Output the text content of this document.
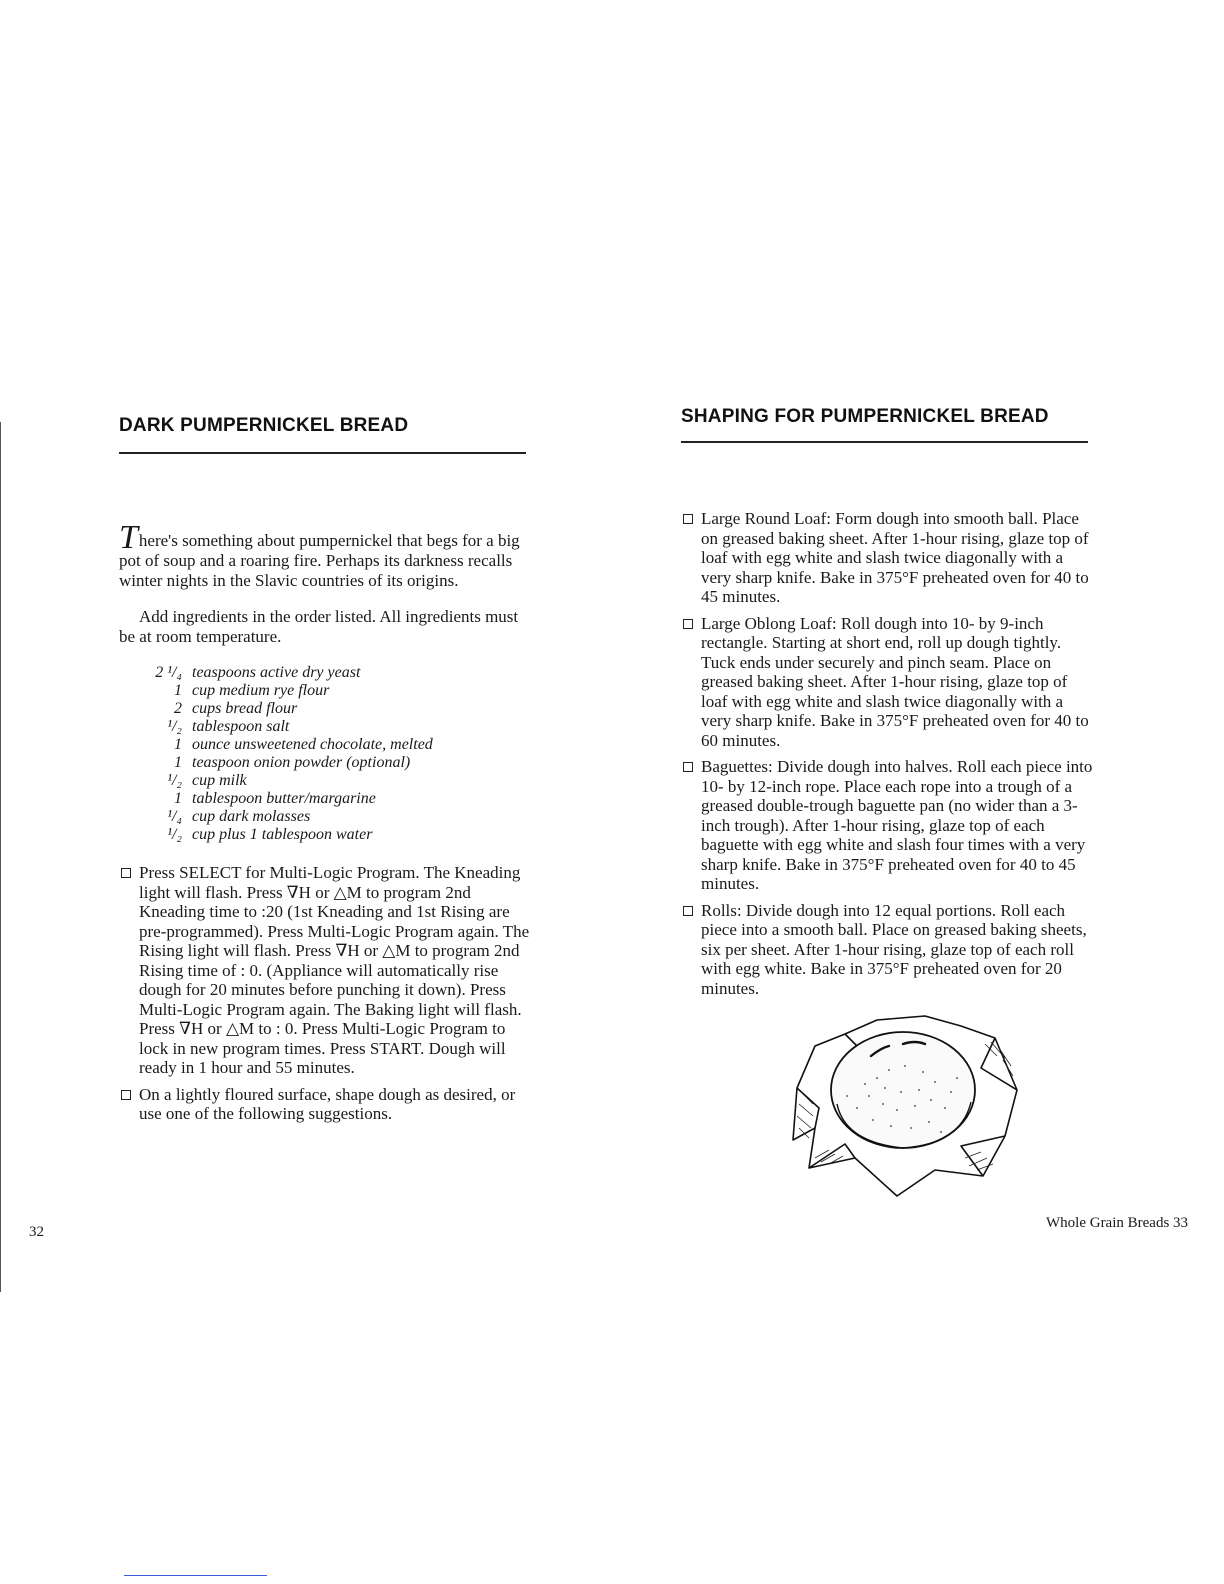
DARK PUMPERNICKEL BREAD

There's something about pumpernickel that begs for a big pot of soup and a roaring fire. Perhaps its darkness recalls winter nights in the Slavic countries of its origins.

Add ingredients in the order listed. All ingredients must be at room temperature.

2 ¹/₄ teaspoons active dry yeast
1 cup medium rye flour
2 cups bread flour
¹/₂ tablespoon salt
1 ounce unsweetened chocolate, melted
1 teaspoon onion powder (optional)
¹/₂ cup milk
1 tablespoon butter/margarine
¹/₄ cup dark molasses
¹/₂ cup plus 1 tablespoon water
Press SELECT for Multi-Logic Program. The Kneading light will flash. Press ∇H or △M to program 2nd Kneading time to :20 (1st Kneading and 1st Rising are pre-programmed). Press Multi-Logic Program again. The Rising light will flash. Press ∇H or △M to program 2nd Rising time of : 0. (Appliance will automatically rise dough for 20 minutes before punching it down). Press Multi-Logic Program again. The Baking light will flash. Press ∇H or △M to : 0. Press Multi-Logic Program to lock in new program times. Press START. Dough will ready in 1 hour and 55 minutes.
On a lightly floured surface, shape dough as desired, or use one of the following suggestions.

32

SHAPING FOR PUMPERNICKEL BREAD
Large Round Loaf: Form dough into smooth ball. Place on greased baking sheet. After 1-hour rising, glaze top of loaf with egg white and slash twice diagonally with a very sharp knife. Bake in 375°F preheated oven for 40 to 45 minutes.
Large Oblong Loaf: Roll dough into 10- by 9-inch rectangle. Starting at short end, roll up dough tightly. Tuck ends under securely and pinch seam. Place on greased baking sheet. After 1-hour rising, glaze top of loaf with egg white and slash twice diagonally with a very sharp knife. Bake in 375°F preheated oven for 40 to 60 minutes.
Baguettes: Divide dough into halves. Roll each piece into 10- by 12-inch rope. Place each rope into a trough of a greased double-trough baguette pan (no wider than a 3-inch trough). After 1-hour rising, glaze top of each baguette with egg white and slash four times with a very sharp knife. Bake in 375°F preheated oven for 40 to 45 minutes.
Rolls: Divide dough into 12 equal portions. Roll each piece into a smooth ball. Place on greased baking sheets, six per sheet. After 1-hour rising, glaze top of each roll with egg white. Bake in 375°F preheated oven for 20 minutes.

Whole Grain Breads 33
